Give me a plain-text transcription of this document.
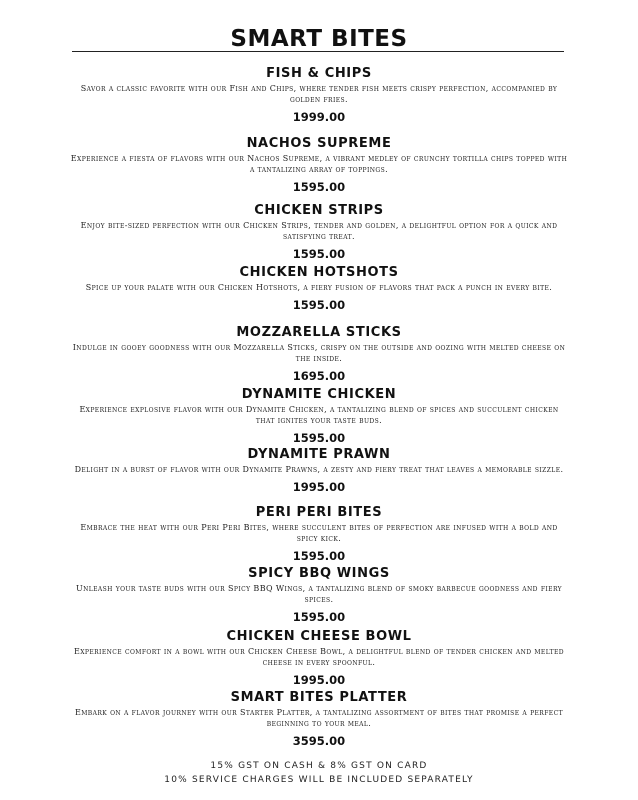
SMART BITES
FISH & CHIPS
Savor a classic favorite with our Fish and Chips, where tender fish meets crispy perfection, accompanied by golden fries.
1999.00
NACHOS SUPREME
Experience a fiesta of flavors with our Nachos Supreme, a vibrant medley of crunchy tortilla chips topped with a tantalizing array of toppings.
1595.00
CHICKEN STRIPS
Enjoy bite-sized perfection with our Chicken Strips, tender and golden, a delightful option for a quick and satisfying treat.
1595.00
CHICKEN HOTSHOTS
Spice up your palate with our Chicken Hotshots, a fiery fusion of flavors that pack a punch in every bite.
1595.00
MOZZARELLA STICKS
Indulge in gooey goodness with our Mozzarella Sticks, crispy on the outside and oozing with melted cheese on the inside.
1695.00
DYNAMITE CHICKEN
Experience explosive flavor with our Dynamite Chicken, a tantalizing blend of spices and succulent chicken that ignites your taste buds.
1595.00
DYNAMITE PRAWN
Delight in a burst of flavor with our Dynamite Prawns, a zesty and fiery treat that leaves a memorable sizzle.
1995.00
PERI PERI BITES
Embrace the heat with our Peri Peri Bites, where succulent bites of perfection are infused with a bold and spicy kick.
1595.00
SPICY BBQ WINGS
Unleash your taste buds with our Spicy BBQ Wings, a tantalizing blend of smoky barbecue goodness and fiery spices.
1595.00
CHICKEN CHEESE BOWL
Experience comfort in a bowl with our Chicken Cheese Bowl, a delightful blend of tender chicken and melted cheese in every spoonful.
1995.00
SMART BITES PLATTER
Embark on a flavor journey with our Starter Platter, a tantalizing assortment of bites that promise a perfect beginning to your meal.
3595.00
15% GST ON CASH & 8% GST ON CARD
10% SERVICE CHARGES WILL BE INCLUDED SEPARATELY
